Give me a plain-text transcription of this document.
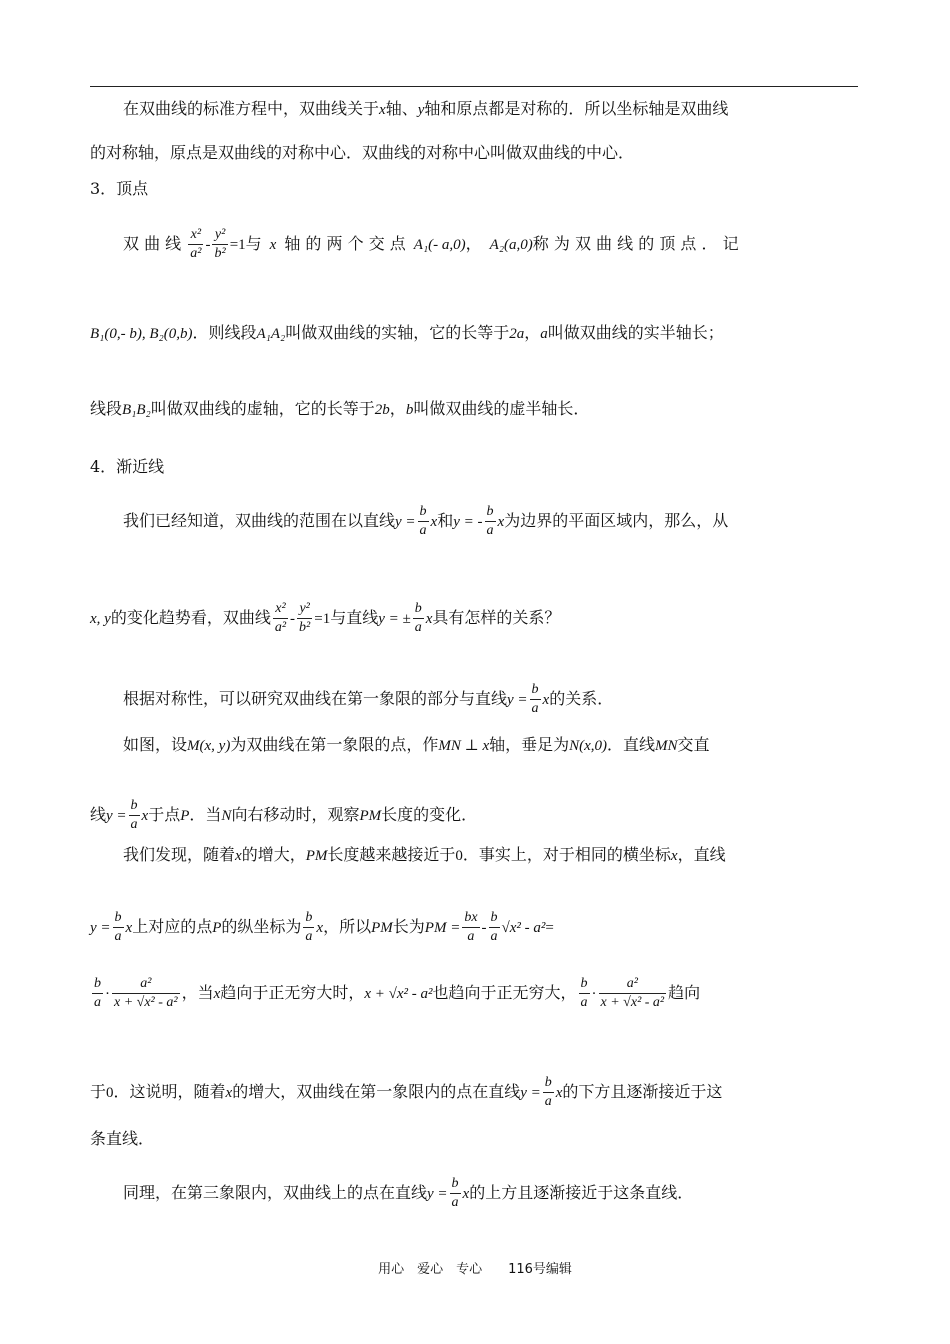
在双曲线的标准方程中，双曲线关于x轴、y轴和原点都是对称的．所以坐标轴是双曲线
的对称轴，原点是双曲线的对称中心．双曲线的对称中心叫做双曲线的中心．
3．顶点
双 曲 线 $\frac{\text{x²}}{\text{a²}} - \frac{\text{y²}}{\text{b²}} =1$与 x 轴 的 两 个 交 点 A₁(- a,0)， A₂(a,0)称 为 双 曲 线 的 顶 点 ． 记
B₁(0,- b), B₂(0,b)．则线段A₁A₂叫做双曲线的实轴，它的长等于2a，a叫做双曲线的实半轴长；
线段B₁B₂叫做双曲线的虚轴，它的长等于2b，b叫做双曲线的虚半轴长．
4．渐近线
我们已经知道，双曲线的范围在以直线$y = \frac{b}{a}$ x和y = - $\frac{b}{a}$ x为边界的平面区域内，那么，从
x, y的变化趋势看，双曲线 $\frac{\text{x²}}{\text{a²}} - \frac{\text{y²}}{\text{b²}} =1$与直线y = ± $\frac{b}{a}$ x具有怎样的关系？
根据对称性，可以研究双曲线在第一象限的部分与直线$y = \frac{b}{a}$ x的关系．
如图，设M(x, y)为双曲线在第一象限的点，作MN ⊥ x轴，垂足为N(x,0)．直线MN交直
线$y = \frac{b}{a}$ x于点P．当N向右移动时，观察PM长度的变化．
我们发现，随着x的增大，PM长度越来越接近于0．事实上，对于相同的横坐标x，直线
$y = \frac{b}{a}$ x上对应的点P的纵坐标为 $\frac{b}{a}$ x，所以PM长为PM = $\frac{bx}{a} - \frac{b}{a} √x^2 - a^2=$
$\frac{b}{a} \cdot \frac{\text{a²}}{\text{x + √x² - a²}}$ ，当x趋向于正无穷大时，x + √x² - a²也趋向于正无穷大， $\frac{b}{a} \cdot \frac{\text{a²}}{\text{x + √x² - a²}}$ 趋向
于0．这说明，随着x的增大，双曲线在第一象限内的点在直线$y = \frac{b}{a}$ x的下方且逐渐接近于这
条直线．
同理，在第三象限内，双曲线上的点在直线$y = \frac{b}{a}$ x的上方且逐渐接近于这条直线．
用心　爱心　专心　　116号编辑
